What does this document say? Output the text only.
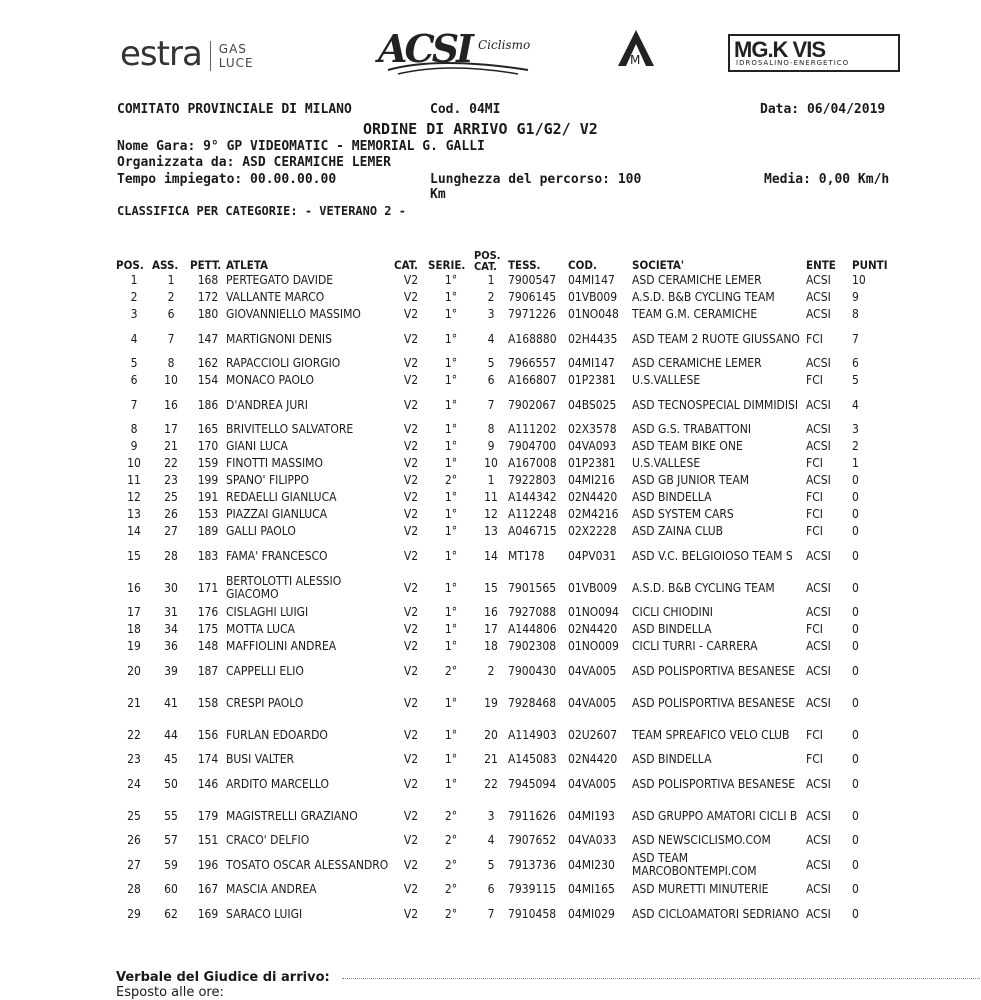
estra GAS
LUCE	ACSI Ciclismo
M	MG.K VIS
IDROSALINO-ENERGETICO
COMITATO PROVINCIALE DI MILANO	Cod. 04MI	Data: 06/04/2019
ORDINE DI ARRIVO G1/G2/ V2
Nome Gara: 9° GP VIDEOMATIC - MEMORIAL G. GALLI
Organizzata da: ASD CERAMICHE LEMER
Tempo impiegato: 00.00.00.00	Lunghezza del percorso: 100 Km
Media: 0,00 Km/h
CLASSIFICA PER CATEGORIE: - VETERANO 2 -
POS.	ASS.	PETT.	ATLETA	CAT.	SERIE.	POS. CAT.	TESS.	COD.	SOCIETA'	ENTE	PUNTI
1	1	168	PERTEGATO DAVIDE	V2	1°	1	7900547	04MI147	ASD CERAMICHE LEMER	ACSI	10
2	2	172	VALLANTE MARCO	V2	1°	2	7906145	01VB009	A.S.D. B&B CYCLING TEAM	ACSI	9
3	6	180	GIOVANNIELLO MASSIMO	V2	1°	3	7971226	01NO048	TEAM G.M. CERAMICHE	ACSI	8
4	7	147	MARTIGNONI DENIS	V2	1°	4	A168880	02H4435	ASD TEAM 2 RUOTE GIUSSANO	FCI	7
5	8	162	RAPACCIOLI GIORGIO	V2	1°	5	7966557	04MI147	ASD CERAMICHE LEMER	ACSI	6
6	10	154	MONACO PAOLO	V2	1°	6	A166807	01P2381	U.S.VALLESE	FCI	5
7	16	186	D'ANDREA JURI	V2	1°	7	7902067	04BS025	ASD TECNOSPECIAL DIMMIDISI	ACSI	4
8	17	165	BRIVITELLO SALVATORE	V2	1°	8	A111202	02X3578	ASD G.S. TRABATTONI	ACSI	3
9	21	170	GIANI LUCA	V2	1°	9	7904700	04VA093	ASD TEAM BIKE ONE	ACSI	2
10	22	159	FINOTTI MASSIMO	V2	1°	10	A167008	01P2381	U.S.VALLESE	FCI	1
11	23	199	SPANO' FILIPPO	V2	2°	1	7922803	04MI216	ASD GB JUNIOR TEAM	ACSI	0
12	25	191	REDAELLI GIANLUCA	V2	1°	11	A144342	02N4420	ASD BINDELLA	FCI	0
13	26	153	PIAZZAI GIANLUCA	V2	1°	12	A112248	02M4216	ASD SYSTEM CARS	FCI	0
14	27	189	GALLI PAOLO	V2	1°	13	A046715	02X2228	ASD ZAINA CLUB	FCI	0
15	28	183	FAMA' FRANCESCO	V2	1°	14	MT178	04PV031	ASD V.C. BELGIOIOSO TEAM S	ACSI	0
16	30	171	BERTOLOTTI ALESSIO GIACOMO	V2	1°	15	7901565	01VB009	A.S.D. B&B CYCLING TEAM	ACSI	0
17	31	176	CISLAGHI LUIGI	V2	1°	16	7927088	01NO094	CICLI CHIODINI	ACSI	0
18	34	175	MOTTA LUCA	V2	1°	17	A144806	02N4420	ASD BINDELLA	FCI	0
19	36	148	MAFFIOLINI ANDREA	V2	1°	18	7902308	01NO009	CICLI TURRI - CARRERA	ACSI	0
20	39	187	CAPPELLI ELIO	V2	2°	2	7900430	04VA005	ASD POLISPORTIVA BESANESE	ACSI	0
21	41	158	CRESPI PAOLO	V2	1°	19	7928468	04VA005	ASD POLISPORTIVA BESANESE	ACSI	0
22	44	156	FURLAN EDOARDO	V2	1°	20	A114903	02U2607	TEAM SPREAFICO VELO CLUB	FCI	0
23	45	174	BUSI VALTER	V2	1°	21	A145083	02N4420	ASD BINDELLA	FCI	0
24	50	146	ARDITO MARCELLO	V2	1°	22	7945094	04VA005	ASD POLISPORTIVA BESANESE	ACSI	0
25	55	179	MAGISTRELLI GRAZIANO	V2	2°	3	7911626	04MI193	ASD GRUPPO AMATORI CICLI B	ACSI	0
26	57	151	CRACO' DELFIO	V2	2°	4	7907652	04VA033	ASD NEWSCICLISMO.COM	ACSI	0
27	59	196	TOSATO OSCAR ALESSANDRO	V2	2°	5	7913736	04MI230	ASD TEAM MARCOBONTEMPI.COM	ACSI	0
28	60	167	MASCIA ANDREA	V2	2°	6	7939115	04MI165	ASD MURETTI MINUTERIE	ACSI	0
29	62	169	SARACO LUIGI	V2	2°	7	7910458	04MI029	ASD CICLOAMATORI SEDRIANO	ACSI	0
Verbale del Giudice di arrivo:
Esposto alle ore:
